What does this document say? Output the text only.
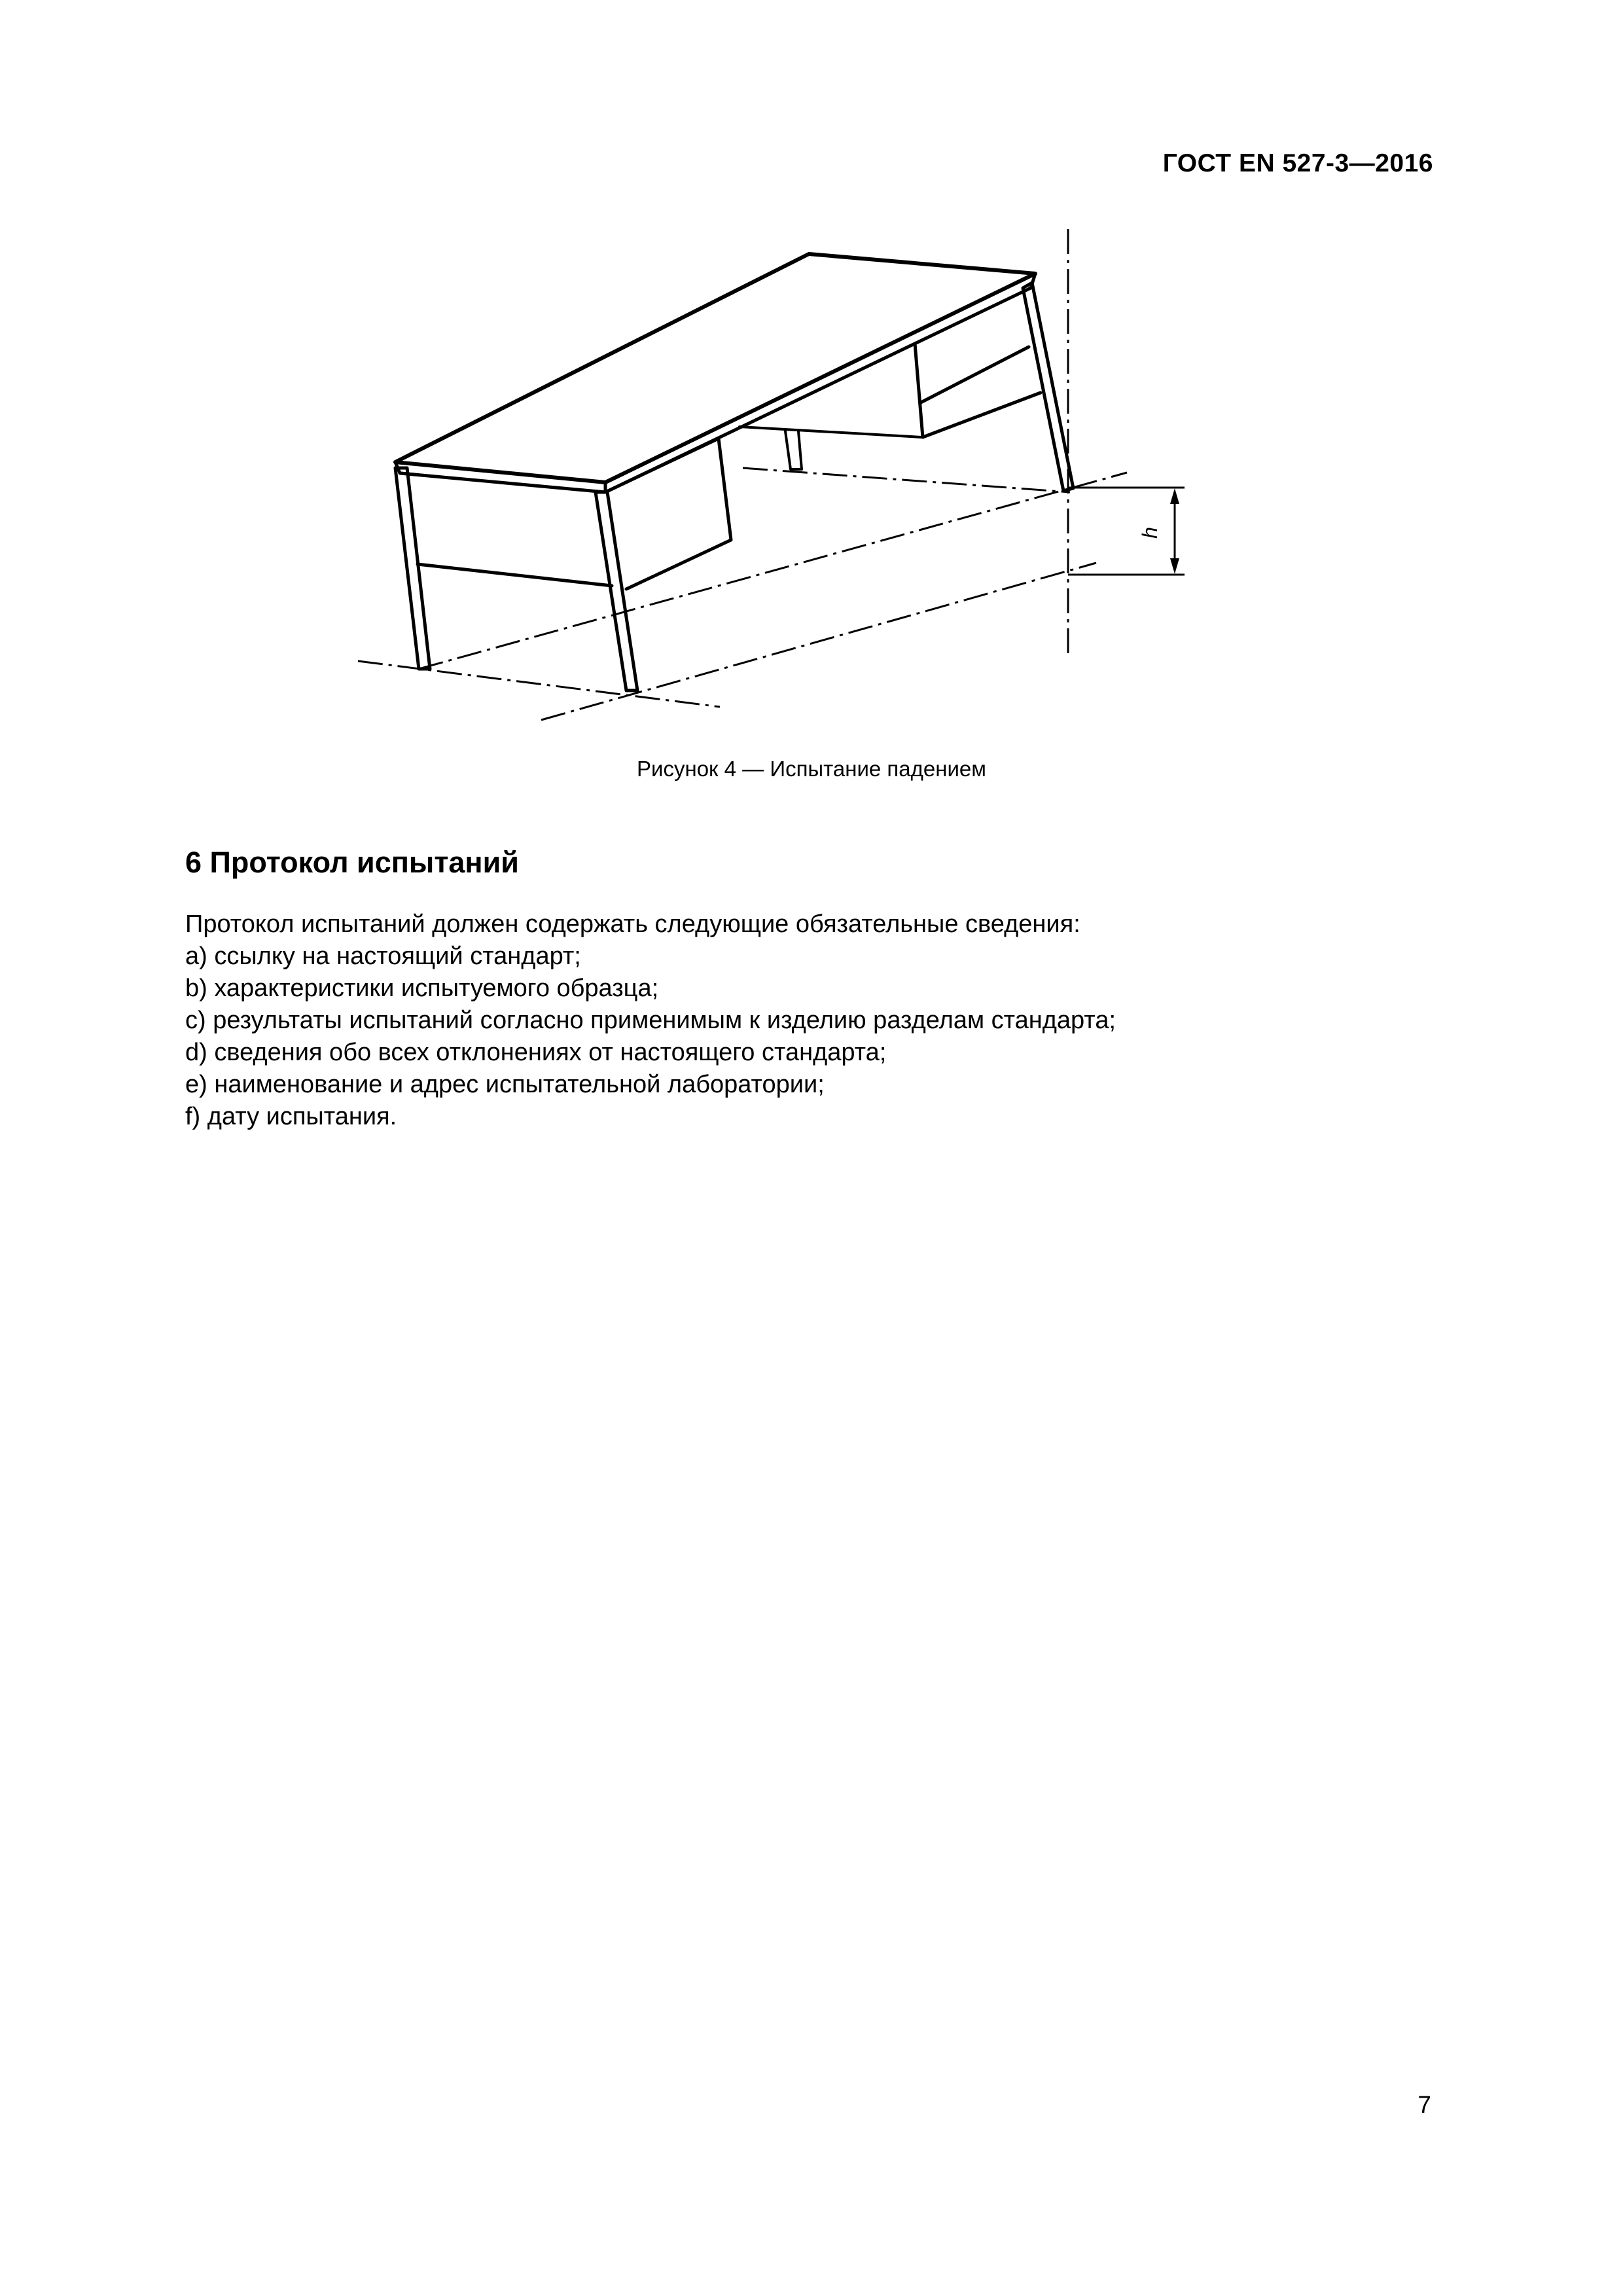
ГОСТ EN 527-3—2016
h
Рисунок 4 — Испытание падением
6 Протокол испытаний

Протокол испытаний должен содержать следующие обязательные сведения:

a) ссылку на настоящий стандарт;
b) характеристики испытуемого образца;
c) результаты испытаний согласно применимым к изделию разделам стандарта;
d) сведения обо всех отклонениях от настоящего стандарта;
e) наименование и адрес испытательной лаборатории;
f) дату испытания.
7
